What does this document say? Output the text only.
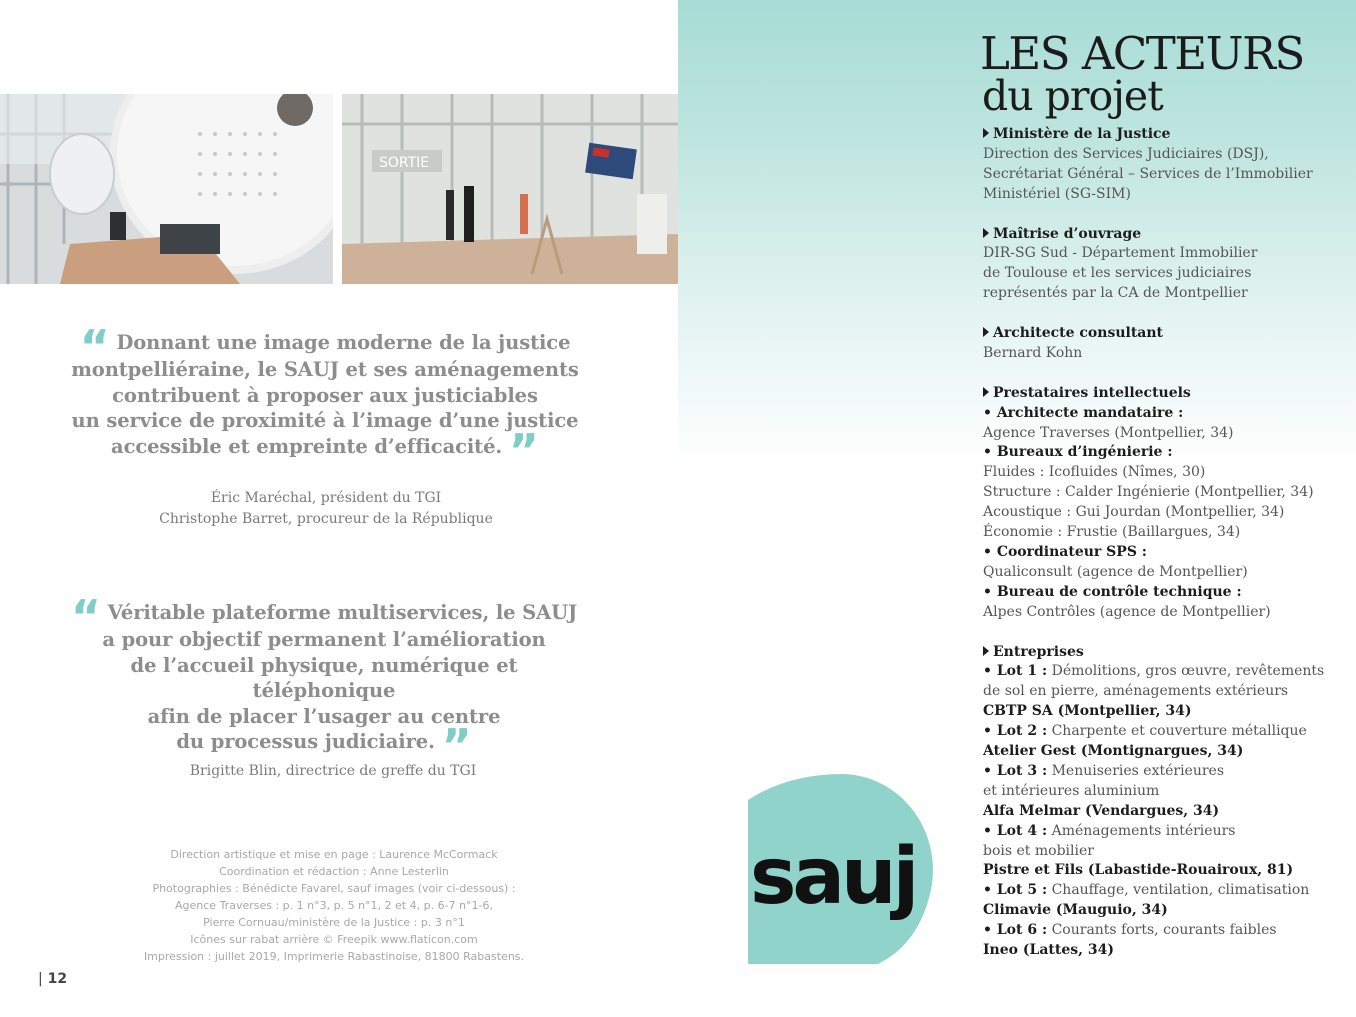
SORTIE
“ Donnant une image moderne de la justice
montpelliéraine, le SAUJ et ses aménagements
contribuent à proposer aux justiciables
un service de proximité à l’image d’une justice
accessible et empreinte d’efficacité. ”
Éric Maréchal, président du TGI
Christophe Barret, procureur de la République
“ Véritable plateforme multiservices, le SAUJ
a pour objectif permanent l’amélioration
de l’accueil physique, numérique et téléphonique
afin de placer l’usager au centre
du processus judiciaire. ”
Brigitte Blin, directrice de greffe du TGI
Direction artistique et mise en page : Laurence McCormack
Coordination et rédaction : Anne Lesterlin
Photographies : Bénédicte Favarel, sauf images (voir ci-dessous) :
Agence Traverses : p. 1 n°3, p. 5 n°1, 2 et 4, p. 6-7 n°1-6,
Pierre Cornuau/ministère de la Justice : p. 3 n°1
Icônes sur rabat arrière © Freepik www.flaticon.com
Impression : juillet 2019, Imprimerie Rabastinoise, 81800 Rabastens.
| 12
LES ACTEURS
du projet
Ministère de la Justice
Direction des Services Judiciaires (DSJ),
Secrétariat Général – Services de l’Immobilier
Ministériel (SG-SIM)
Maîtrise d’ouvrage
DIR-SG Sud - Département Immobilier
de Toulouse et les services judiciaires
représentés par la CA de Montpellier
Architecte consultant
Bernard Kohn
Prestataires intellectuels
• Architecte mandataire :
Agence Traverses (Montpellier, 34)
• Bureaux d’ingénierie :
Fluides : Icofluides (Nîmes, 30)
Structure : Calder Ingénierie (Montpellier, 34)
Acoustique : Gui Jourdan (Montpellier, 34)
Économie : Frustie (Baillargues, 34)
• Coordinateur SPS :
Qualiconsult (agence de Montpellier)
• Bureau de contrôle technique :
Alpes Contrôles (agence de Montpellier)
Entreprises
• Lot 1 : Démolitions, gros œuvre, revêtements
de sol en pierre, aménagements extérieurs
CBTP SA (Montpellier, 34)
• Lot 2 : Charpente et couverture métallique
Atelier Gest (Montignargues, 34)
• Lot 3 : Menuiseries extérieures
et intérieures aluminium
Alfa Melmar (Vendargues, 34)
• Lot 4 : Aménagements intérieurs
bois et mobilier
Pistre et Fils (Labastide-Rouairoux, 81)
• Lot 5 : Chauffage, ventilation, climatisation
Climavie (Mauguio, 34)
• Lot 6 : Courants forts, courants faibles
Ineo (Lattes, 34)
sauj
